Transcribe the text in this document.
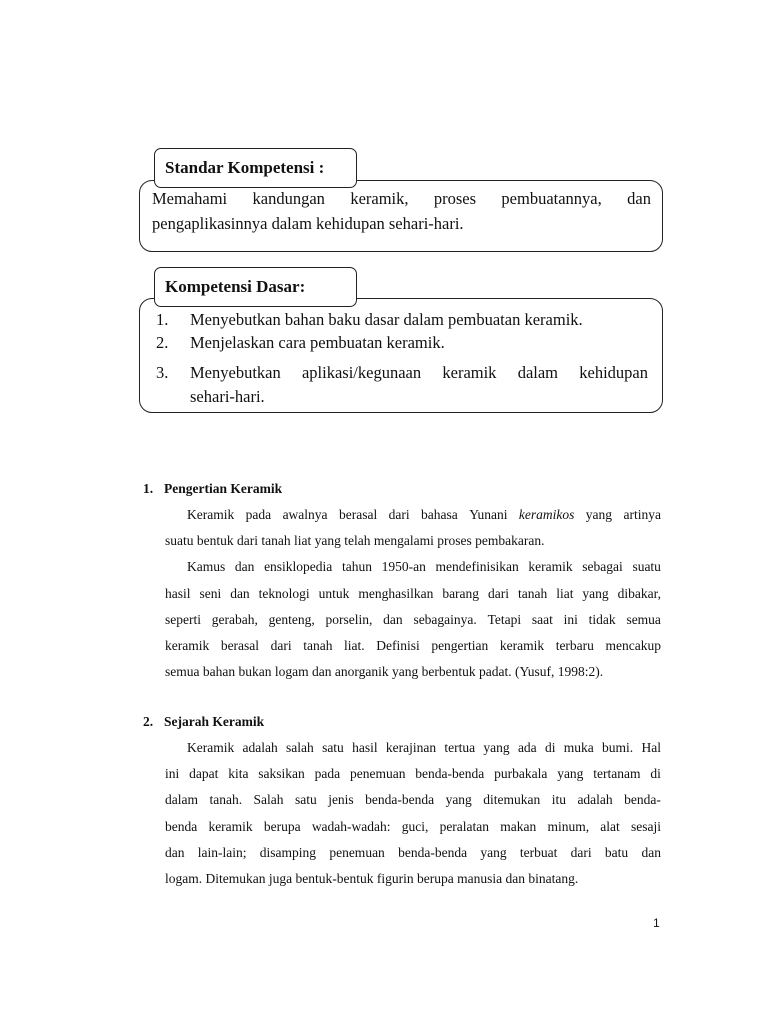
Standar Kompetensi :
Memahami kandungan keramik, proses pembuatannya, dan
pengaplikasinnya dalam kehidupan sehari-hari.
Kompetensi Dasar:
1. Menyebutkan bahan baku dasar dalam pembuatan keramik.
2. Menjelaskan cara pembuatan keramik.
3. Menyebutkan aplikasi/kegunaan keramik dalam kehidupan
sehari-hari.
1. Pengertian Keramik
Keramik pada awalnya berasal dari bahasa Yunani keramikos yang artinya
suatu bentuk dari tanah liat yang telah mengalami proses pembakaran.
Kamus dan ensiklopedia tahun 1950-an mendefinisikan keramik sebagai suatu
hasil seni dan teknologi untuk menghasilkan barang dari tanah liat yang dibakar,
seperti gerabah, genteng, porselin, dan sebagainya. Tetapi saat ini tidak semua
keramik berasal dari tanah liat. Definisi pengertian keramik terbaru mencakup
semua bahan bukan logam dan anorganik yang berbentuk padat. (Yusuf, 1998:2).
2. Sejarah Keramik
Keramik adalah salah satu hasil kerajinan tertua yang ada di muka bumi. Hal
ini dapat kita saksikan pada penemuan benda-benda purbakala yang tertanam di
dalam tanah. Salah satu jenis benda-benda yang ditemukan itu adalah benda-
benda keramik berupa wadah-wadah: guci, peralatan makan minum, alat sesaji
dan lain-lain; disamping penemuan benda-benda yang terbuat dari batu dan
logam. Ditemukan juga bentuk-bentuk figurin berupa manusia dan binatang.
1
